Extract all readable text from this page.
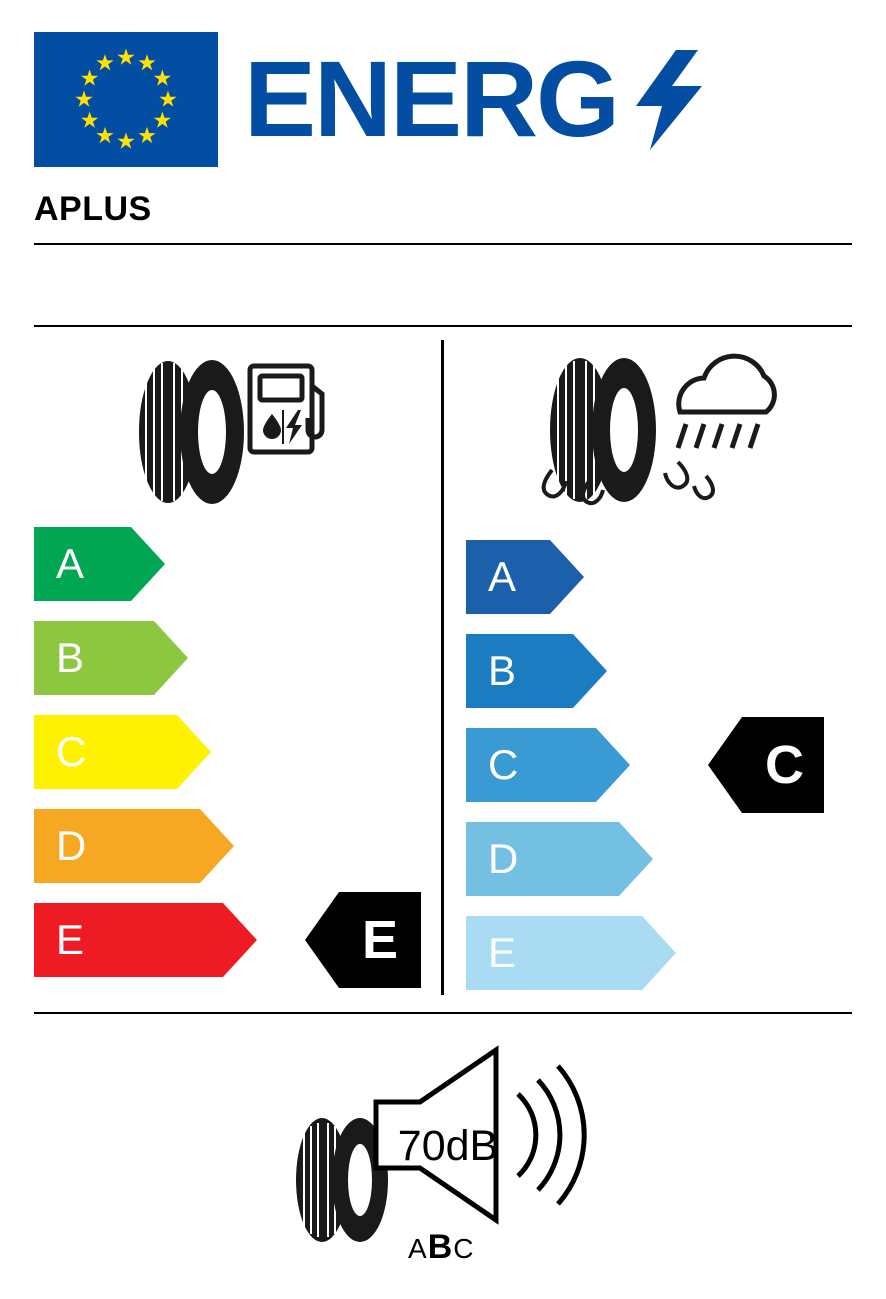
ENERG
APLUS
A
B
C
D
E
A
B
C
D
E
E
C
70dB
ABC
